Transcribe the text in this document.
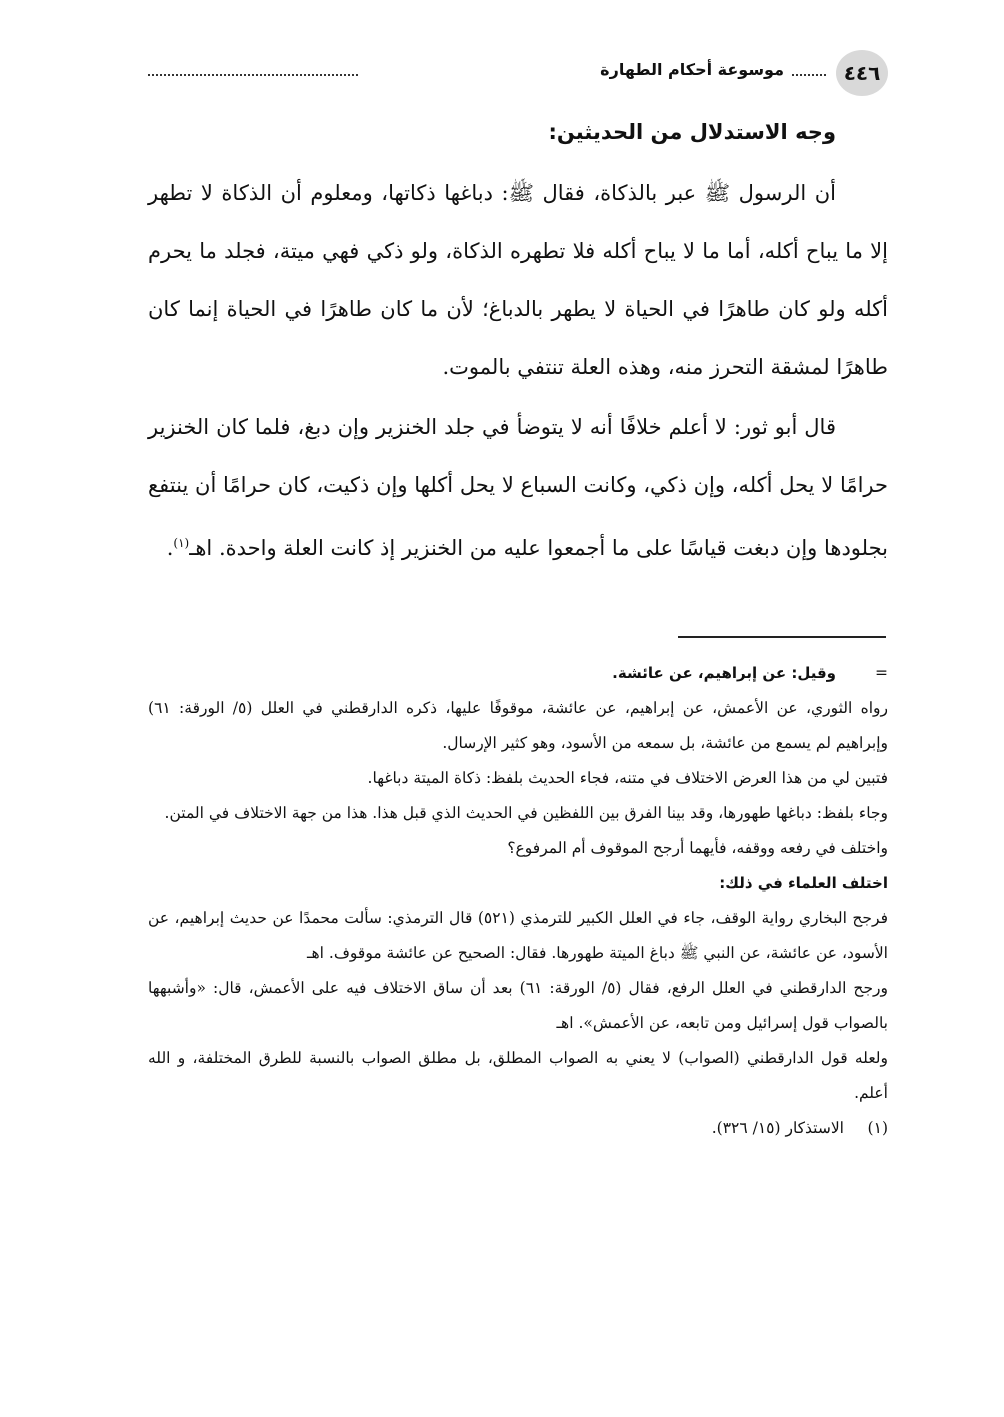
٤٤٦
موسوعة أحكام الطهارة

وجه الاستدلال من الحديثين:

أن الرسول ﷺ عبر بالذكاة، فقال ﷺ: دباغها ذكاتها، ومعلوم أن الذكاة لا تطهر إلا ما يباح أكله، أما ما لا يباح أكله فلا تطهره الذكاة، ولو ذكي فهي ميتة، فجلد ما يحرم أكله ولو كان طاهرًا في الحياة لا يطهر بالدباغ؛ لأن ما كان طاهرًا في الحياة إنما كان طاهرًا لمشقة التحرز منه، وهذه العلة تنتفي بالموت.

قال أبو ثور: لا أعلم خلافًا أنه لا يتوضأ في جلد الخنزير وإن دبغ، فلما كان الخنزير حرامًا لا يحل أكله، وإن ذكي، وكانت السباع لا يحل أكلها وإن ذكيت، كان حرامًا أن ينتفع بجلودها وإن دبغت قياسًا على ما أجمعوا عليه من الخنزير إذ كانت العلة واحدة. اهـ$^{(١)}$.

=
وقيل: عن إبراهيم، عن عائشة.

رواه الثوري، عن الأعمش، عن إبراهيم، عن عائشة، موقوفًا عليها، ذكره الدارقطني في العلل (٥/ الورقة: ٦١) وإبراهيم لم يسمع من عائشة، بل سمعه من الأسود، وهو كثير الإرسال.

فتبين لي من هذا العرض الاختلاف في متنه، فجاء الحديث بلفظ: ذكاة الميتة دباغها.

وجاء بلفظ: دباغها طهورها، وقد بينا الفرق بين اللفظين في الحديث الذي قبل هذا. هذا من جهة الاختلاف في المتن.

واختلف في رفعه ووقفه، فأيهما أرجح الموقوف أم المرفوع؟

اختلف العلماء في ذلك:

فرجح البخاري رواية الوقف، جاء في العلل الكبير للترمذي (٥٢١) قال الترمذي: سألت محمدًا عن حديث إبراهيم، عن الأسود، عن عائشة، عن النبي ﷺ دباغ الميتة طهورها. فقال: الصحيح عن عائشة موقوف. اهـ

ورجح الدارقطني في العلل الرفع، فقال (٥/ الورقة: ٦١) بعد أن ساق الاختلاف فيه على الأعمش، قال: «وأشبهها بالصواب قول إسرائيل ومن تابعه، عن الأعمش». اهـ

ولعله قول الدارقطني (الصواب) لا يعني به الصواب المطلق، بل مطلق الصواب بالنسبة للطرق المختلفة، و الله أعلم.

(١)
الاستذكار (١٥/ ٣٢٦).
